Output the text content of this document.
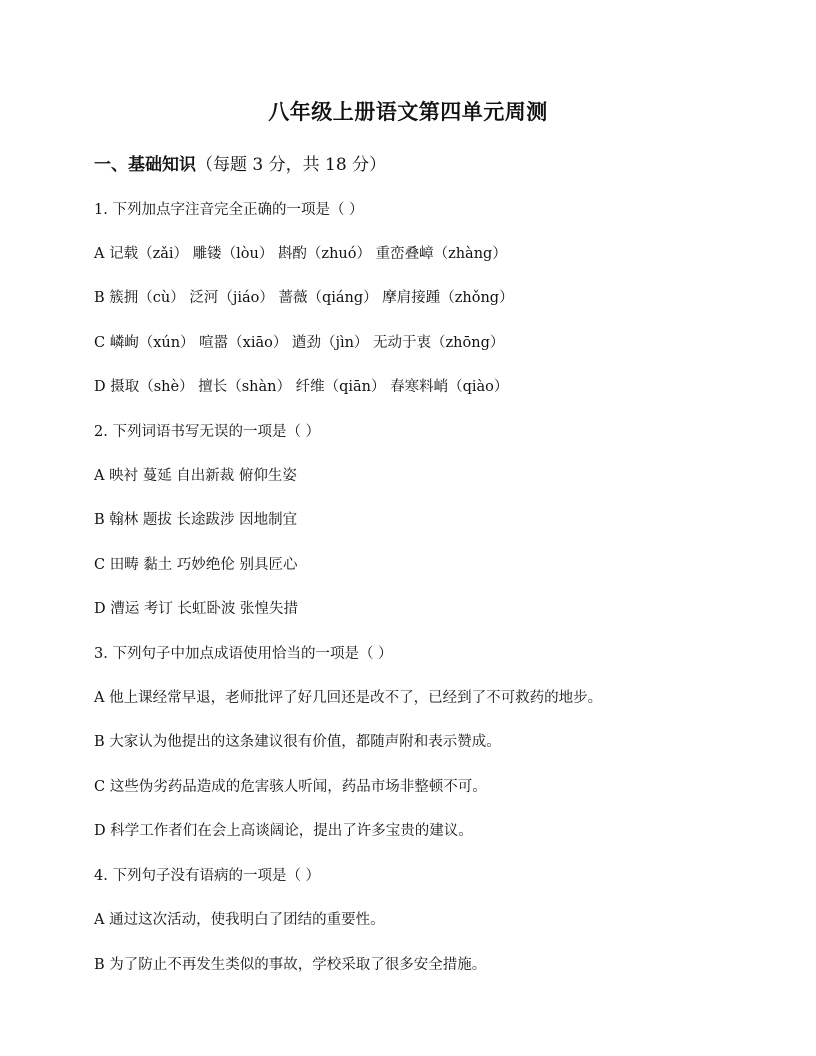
八年级上册语文第四单元周测
一、基础知识（每题 3 分，共 18 分）

1. 下列加点字注音完全正确的一项是（ ）

A 记载（zǎi） 雕镂（lòu） 斟酌（zhuó） 重峦叠嶂（zhàng）

B 簇拥（cù） 泛河（jiáo） 蔷薇（qiáng） 摩肩接踵（zhǒng）

C 嶙峋（xún） 喧嚣（xiāo） 遒劲（jìn） 无动于衷（zhōng）

D 摄取（shè） 擅长（shàn） 纤维（qiān） 春寒料峭（qiào）

2. 下列词语书写无误的一项是（ ）

A 映衬 蔓延 自出新裁 俯仰生姿

B 翰林 题拔 长途跋涉 因地制宜

C 田畴 黏土 巧妙绝伦 别具匠心

D 漕运 考订 长虹卧波 张惶失措

3. 下列句子中加点成语使用恰当的一项是（ ）

A 他上课经常早退，老师批评了好几回还是改不了，已经到了不可救药的地步。

B 大家认为他提出的这条建议很有价值，都随声附和表示赞成。

C 这些伪劣药品造成的危害骇人听闻，药品市场非整顿不可。

D 科学工作者们在会上高谈阔论，提出了许多宝贵的建议。

4. 下列句子没有语病的一项是（ ）

A 通过这次活动，使我明白了团结的重要性。

B 为了防止不再发生类似的事故，学校采取了很多安全措施。
